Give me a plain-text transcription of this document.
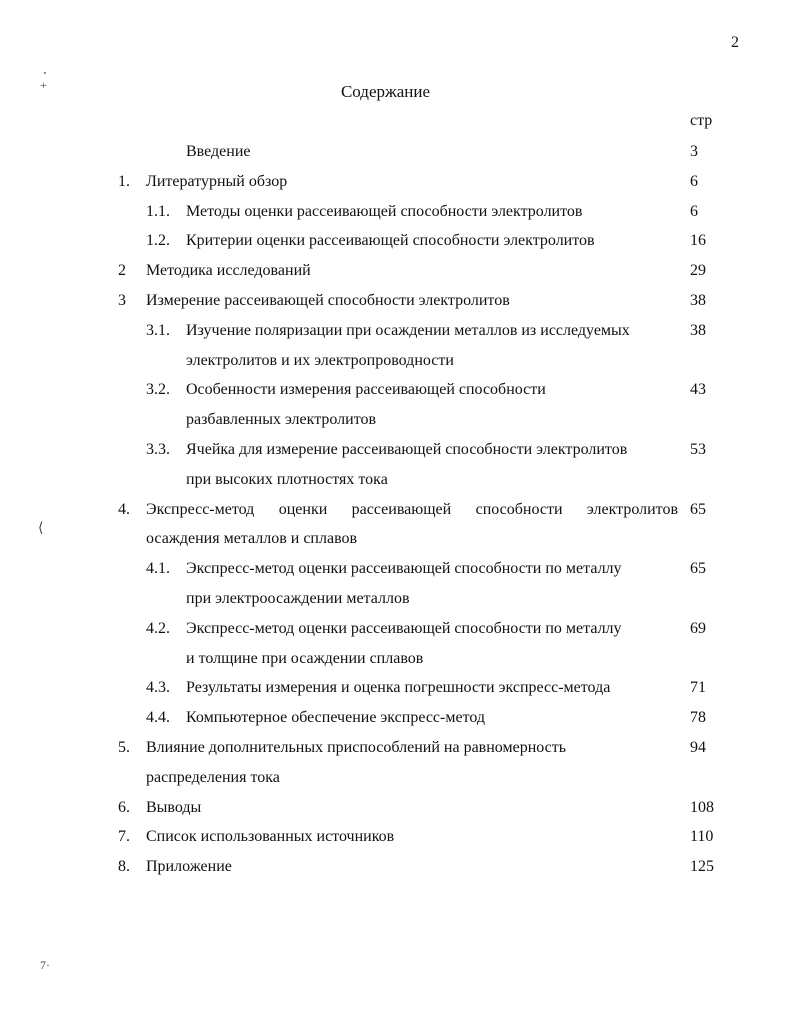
2
Содержание
стр
Введение	3
1. Литературный обзор	6
1.1. Методы оценки рассеивающей способности электролитов	6
1.2. Критерии оценки рассеивающей способности электролитов	16
2 Методика исследований	29
3 Измерение рассеивающей способности электролитов	38
3.1. Изучение поляризации при осаждении металлов из исследуемых	38
электролитов и их электропроводности
3.2. Особенности измерения рассеивающей способности	43
разбавленных электролитов
3.3. Ячейка для измерение рассеивающей способности электролитов	53
при высоких плотностях тока
4. Экспресс-метод оценки рассеивающей способности электролитов 65
осаждения металлов и сплавов
4.1. Экспресс-метод оценки рассеивающей способности по металлу	65
при электроосаждении металлов
4.2. Экспресс-метод оценки рассеивающей способности по металлу	69
и толщине при осаждении сплавов
4.3. Результаты измерения и оценка погрешности экспресс-метода	71
4.4. Компьютерное обеспечение экспресс-метод	78
5. Влияние дополнительных приспособлений на равномерность	94
распределения тока
6. Выводы	108
7. Список использованных источников	110
8. Приложение	125
⸼
+
⟨
7·
